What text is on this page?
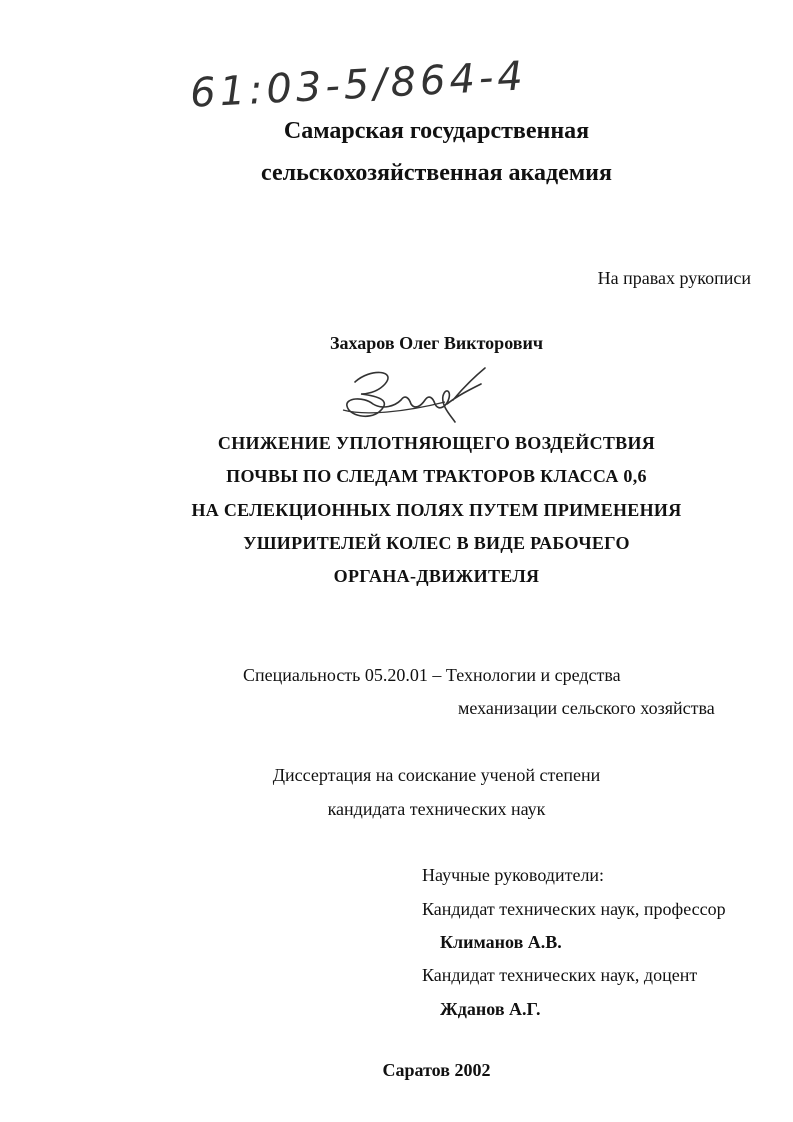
61:03-5/864-4
Самарская государственная
сельскохозяйственная академия
На правах рукописи
Захаров Олег Викторович
СНИЖЕНИЕ УПЛОТНЯЮЩЕГО ВОЗДЕЙСТВИЯ
ПОЧВЫ ПО СЛЕДАМ ТРАКТОРОВ КЛАССА 0,6
НА СЕЛЕКЦИОННЫХ ПОЛЯХ ПУТЕМ ПРИМЕНЕНИЯ
УШИРИТЕЛЕЙ КОЛЕС В ВИДЕ РАБОЧЕГО
ОРГАНА-ДВИЖИТЕЛЯ
Специальность 05.20.01 – Технологии и средства
механизации сельского хозяйства
Диссертация на соискание ученой степени
кандидата технических наук
Научные руководители:
Кандидат технических наук, профессор
Климанов А.В.
Кандидат технических наук, доцент
Жданов А.Г.
Саратов 2002
